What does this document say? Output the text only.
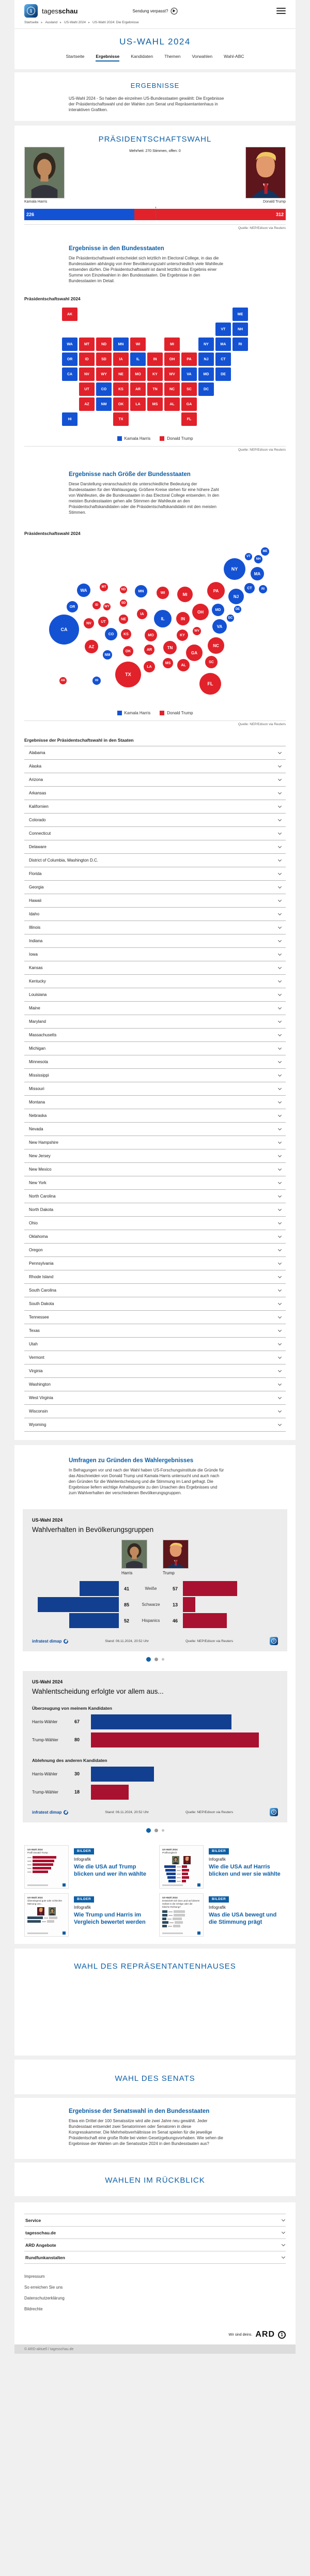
1	tagesschau	Sendung verpasst?
Startseite ▸ Ausland ▸ US-Wahl 2024 ▸ US-Wahl 2024: Die Ergebnisse
US-WAHL 2024
Startseite	Ergebnisse	Kandidaten	Themen	Vorwahlen	Wahl-ABC
ERGEBNISSE

US-Wahl 2024 - So haben die einzelnen US-Bundesstaaten gewählt: Die Ergebnisse der Präsidentschaftswahl und der Wahlen zum Senat und Repräsentantenhaus in interaktiven Grafiken.

PRÄSIDENTSCHAFTSWAHL
Mehrheit: 270 Stimmen, offen: 0
Kamala Harris	Donald Trump
226	312
Quelle: NEP/Edison via Reuters
Ergebnisse in den Bundesstaaten

Die Präsidentschaftswahl entscheidet sich letztlich im Electoral College, in das die Bundesstaaten abhängig von ihrer Bevölkerungszahl unterschiedlich viele Wahlleute entsenden dürfen. Die Präsidentschaftswahl ist damit letztlich das Ergebnis einer Summe von Einzelwahlen in den Bundesstaaten. Die Ergebnisse in den Bundesstaaten im Detail.

Präsidentschaftswahl 2024
AK	ME
VT	NH
WA	MT	ND	MN	WI	MI	NY	MA	RI
OR	ID	SD	IA	IL	IN	OH	PA	NJ	CT
CA	NV	WY	NE	MO	KY	WV	VA	MD	DE
UT	CO	KS	AR	TN	NC	SC	DC
AZ	NM	OK	LA	MS	AL	GA
HI	TX	FL
Kamala Harris	Donald Trump
Quelle: NEP/Edison via Reuters
Ergebnisse nach Größe der Bundesstaaten

Diese Darstellung veranschaulicht die unterschiedliche Bedeutung der Bundesstaaten für den Wahlausgang. Größere Kreise stehen für eine höhere Zahl von Wahlleuten, die die Bundesstaaten in das Electoral College entsenden. In den meisten Bundesstaaten gehen alle Stimmen der Wahlleute an den Präsidentschaftskandidaten oder die Präsidentschaftskandidatin mit den meisten Stimmen.

Präsidentschaftswahl 2024
AK
ME
VT
NH
WA
MT
ND	MN	WI	MI
NY
MA
RI
OR	ID
SD
IA
IL	IN
OH
PA
NJ
CT
CA
NV
WY
NE
MO	KY
WV
VA
MD	DE
UT
CO	KS
AR	TN	NC
SC
DC
AZ
NM
OK
LA
MS
AL
GA
HI
TX
FL
Kamala Harris	Donald Trump
Quelle: NEP/Edison via Reuters
Ergebnisse der Präsidentschaftswahl in den Staaten
Alabama
Alaska
Arizona
Arkansas
Kalifornien
Colorado
Connecticut
Delaware
District of Columbia, Washington D.C.
Florida
Georgia
Hawaii
Idaho
Illinois
Indiana
Iowa
Kansas
Kentucky
Louisiana
Maine
Maryland
Massachusetts
Michigan
Minnesota
Mississippi
Missouri
Montana
Nebraska
Nevada
New Hampshire
New Jersey
New Mexico
New York
North Carolina
North Dakota
Ohio
Oklahoma
Oregon
Pennsylvania
Rhode Island
South Carolina
South Dakota
Tennessee
Texas
Utah
Vermont
Virginia
Washington
West Virginia
Wisconsin
Wyoming
Umfragen zu Gründen des Wahlergebnisses

In Befragungen vor und nach der Wahl haben US-Forschungsinstitute die Gründe für das Abschneiden von Donald Trump und Kamala Harris untersucht und auch nach den Gründen für die Wahlentscheidung und die Stimmung im Land gefragt. Die Ergebnisse liefern wichtige Anhaltspunkte zu den Ursachen des Ergebnisses und zum Wahlverhalten der verschiedenen Bevölkerungsgruppen.

US-Wahl 2024
Wahlverhalten in Bevölkerungsgruppen
Harris	Trump
41	Weiße	57
85	Schwarze	13
52	Hispanics	46
infratest dimap	Stand: 06.11.2024, 20:52 Uhr	Quelle: NEP/Edison via Reuters	1
US-Wahl 2024
Wahlentscheidung erfolgte vor allem aus...
Überzeugung von meinem Kandidaten
Harris-Wähler	67
Trump-Wähler	80
Ablehnung des anderen Kandidaten
Harris-Wähler	30
Trump-Wähler	18
infratest dimap	Stand: 06.11.2024, 20:52 Uhr	Quelle: NEP/Edison via Reuters	1
US-Wahl 2024
Profil Donald Trump	BILDER
Infografik
Wie die USA auf Trump blicken und wer ihn wählte
US-Wahl 2024
Profilvergleich	BILDER
Infografik
Wie die USA auf Harris blicken und wer sie wählte
US-Wahl 2024
Überwiegend gute oder schlechte Meinung von...
BILDER
Infografik
Wie Trump und Harris im Vergleich bewertet werden
US-Wahl 2024
Entwickelt sich das Land auf diesem Gebiet in die richtige oder die falsche Richtung?
BILDER
Infografik
Was die USA bewegt und die Stimmung prägt
WAHL DES REPRÄSENTANTENHAUSES
WAHL DES SENATS
Ergebnisse der Senatswahl in den Bundesstaaten

Etwa ein Drittel der 100 Senatssitze wird alle zwei Jahre neu gewählt. Jeder Bundesstaat entsendet zwei Senatorinnen oder Senatoren in diese Kongresskammer. Die Mehrheitsverhältnisse im Senat spielen für die jeweilige Präsidentschaft eine große Rolle bei vielen Gesetzgebungsvorhaben. Wie sehen die Ergebnisse der Wahlen um die Senatssitze 2024 in den Bundesstaaten aus?

WAHLEN IM RÜCKBLICK
Service
tagesschau.de
ARD Angebote
Rundfunkanstalten
Impressum
So erreichen Sie uns
Datenschutzerklärung
Bildrechte
Wir sind deins. ARD	1
© ARD-aktuell / tagesschau.de
